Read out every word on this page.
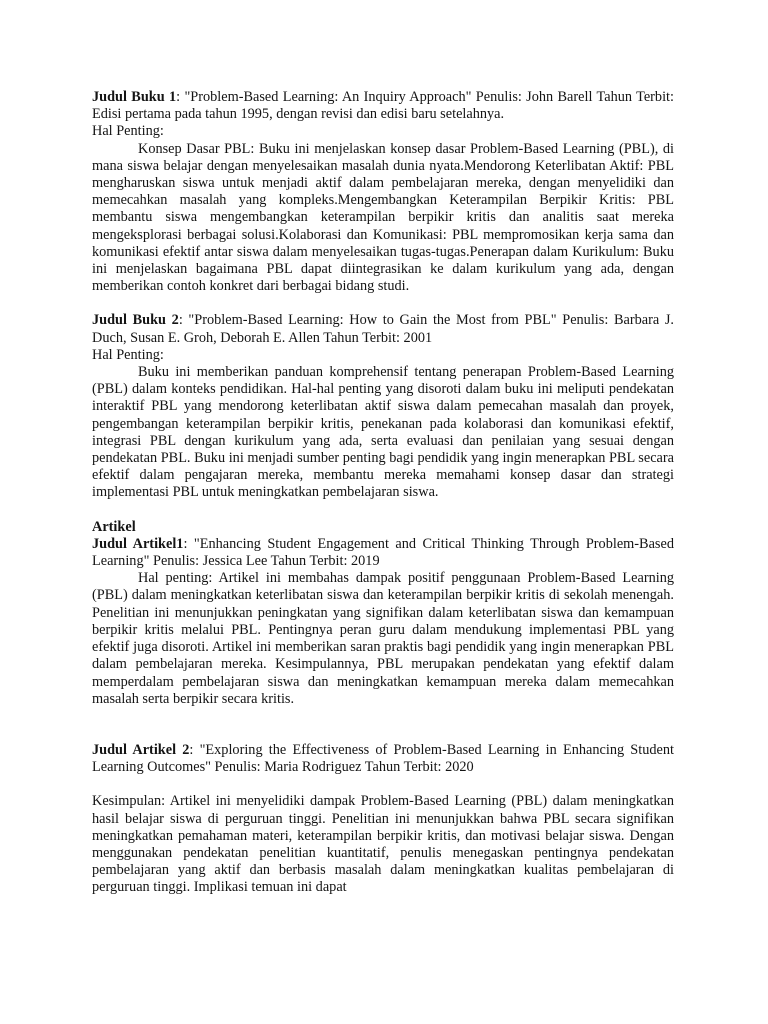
Judul Buku 1: "Problem-Based Learning: An Inquiry Approach" Penulis: John Barell Tahun Terbit: Edisi pertama pada tahun 1995, dengan revisi dan edisi baru setelahnya.

Hal Penting:

Konsep Dasar PBL: Buku ini menjelaskan konsep dasar Problem-Based Learning (PBL), di mana siswa belajar dengan menyelesaikan masalah dunia nyata.Mendorong Keterlibatan Aktif: PBL mengharuskan siswa untuk menjadi aktif dalam pembelajaran mereka, dengan menyelidiki dan memecahkan masalah yang kompleks.Mengembangkan Keterampilan Berpikir Kritis: PBL membantu siswa mengembangkan keterampilan berpikir kritis dan analitis saat mereka mengeksplorasi berbagai solusi.Kolaborasi dan Komunikasi: PBL mempromosikan kerja sama dan komunikasi efektif antar siswa dalam menyelesaikan tugas-tugas.Penerapan dalam Kurikulum: Buku ini menjelaskan bagaimana PBL dapat diintegrasikan ke dalam kurikulum yang ada, dengan memberikan contoh konkret dari berbagai bidang studi.

Judul Buku 2: "Problem-Based Learning: How to Gain the Most from PBL" Penulis: Barbara J. Duch, Susan E. Groh, Deborah E. Allen Tahun Terbit: 2001

Hal Penting:

Buku ini memberikan panduan komprehensif tentang penerapan Problem-Based Learning (PBL) dalam konteks pendidikan. Hal-hal penting yang disoroti dalam buku ini meliputi pendekatan interaktif PBL yang mendorong keterlibatan aktif siswa dalam pemecahan masalah dan proyek, pengembangan keterampilan berpikir kritis, penekanan pada kolaborasi dan komunikasi efektif, integrasi PBL dengan kurikulum yang ada, serta evaluasi dan penilaian yang sesuai dengan pendekatan PBL. Buku ini menjadi sumber penting bagi pendidik yang ingin menerapkan PBL secara efektif dalam pengajaran mereka, membantu mereka memahami konsep dasar dan strategi implementasi PBL untuk meningkatkan pembelajaran siswa.

Artikel

Judul Artikel1: "Enhancing Student Engagement and Critical Thinking Through Problem-Based Learning" Penulis: Jessica Lee Tahun Terbit: 2019

Hal penting: Artikel ini membahas dampak positif penggunaan Problem-Based Learning (PBL) dalam meningkatkan keterlibatan siswa dan keterampilan berpikir kritis di sekolah menengah. Penelitian ini menunjukkan peningkatan yang signifikan dalam keterlibatan siswa dan kemampuan berpikir kritis melalui PBL. Pentingnya peran guru dalam mendukung implementasi PBL yang efektif juga disoroti. Artikel ini memberikan saran praktis bagi pendidik yang ingin menerapkan PBL dalam pembelajaran mereka. Kesimpulannya, PBL merupakan pendekatan yang efektif dalam memperdalam pembelajaran siswa dan meningkatkan kemampuan mereka dalam memecahkan masalah serta berpikir secara kritis.

Judul Artikel 2: "Exploring the Effectiveness of Problem-Based Learning in Enhancing Student Learning Outcomes" Penulis: Maria Rodriguez Tahun Terbit: 2020

Kesimpulan: Artikel ini menyelidiki dampak Problem-Based Learning (PBL) dalam meningkatkan hasil belajar siswa di perguruan tinggi. Penelitian ini menunjukkan bahwa PBL secara signifikan meningkatkan pemahaman materi, keterampilan berpikir kritis, dan motivasi belajar siswa. Dengan menggunakan pendekatan penelitian kuantitatif, penulis menegaskan pentingnya pendekatan pembelajaran yang aktif dan berbasis masalah dalam meningkatkan kualitas pembelajaran di perguruan tinggi. Implikasi temuan ini dapat
